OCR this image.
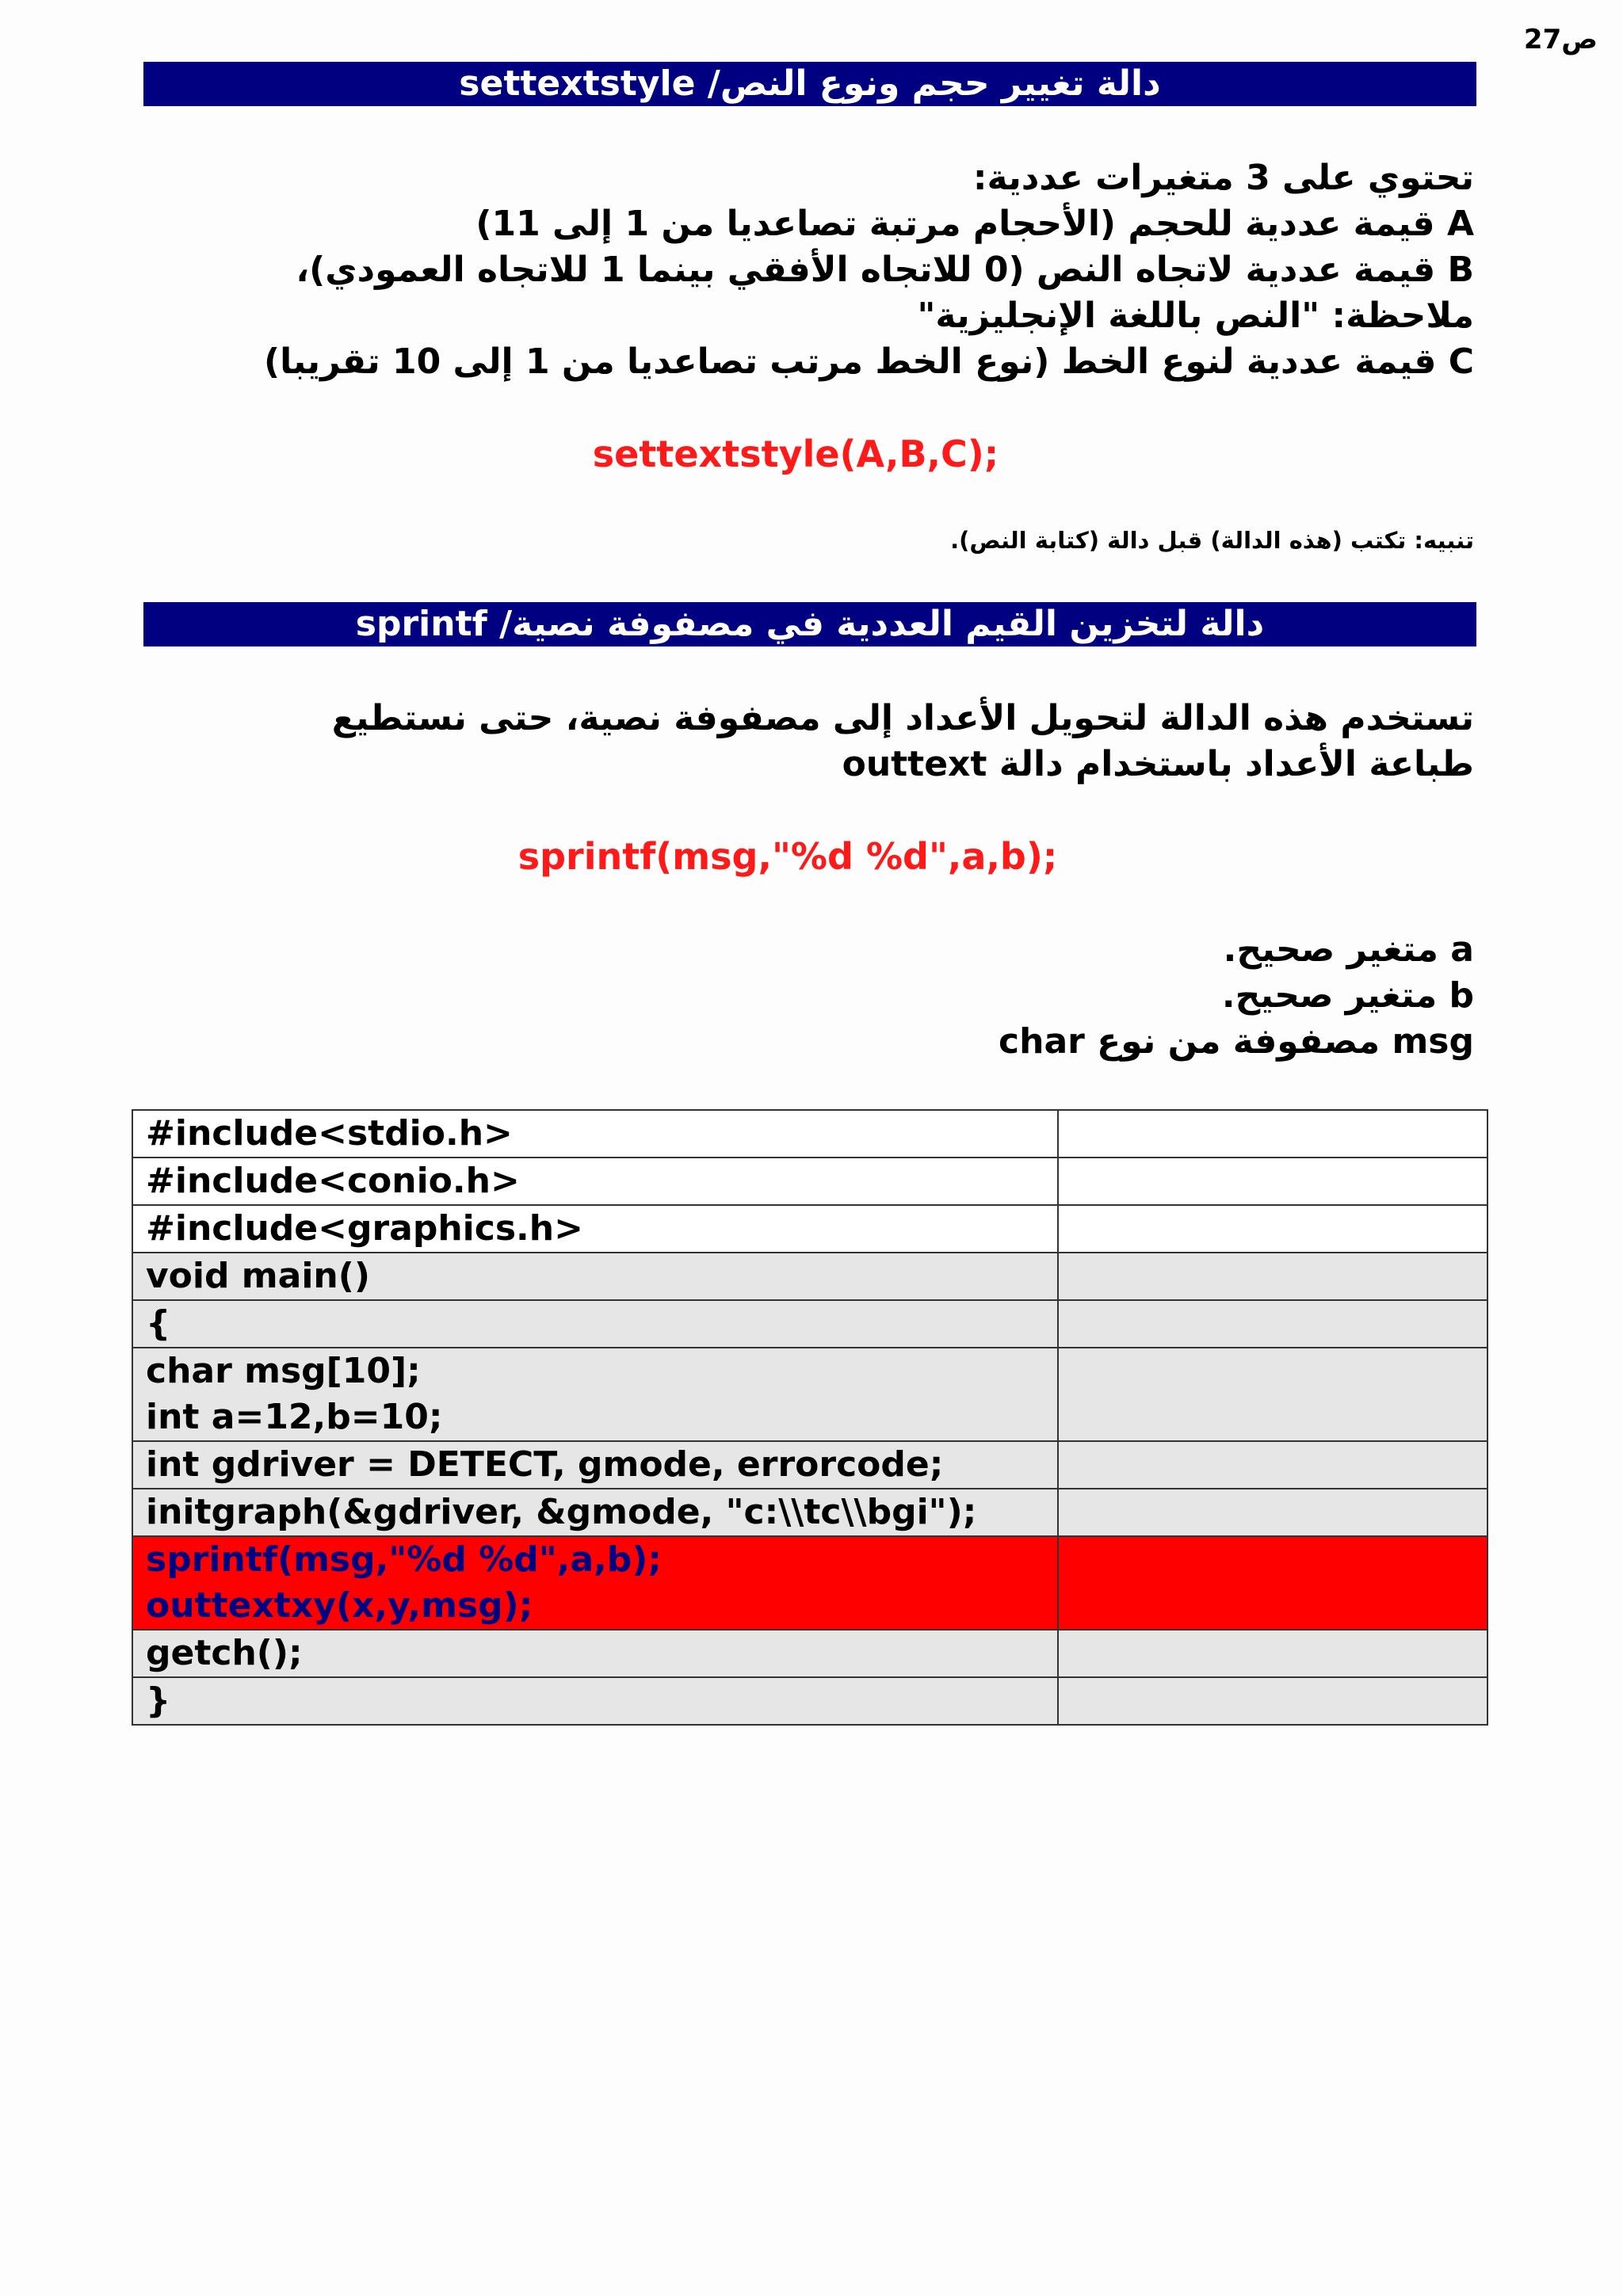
ص27
دالة تغيير حجم ونوع النص/ settextstyle
تحتوي على 3 متغيرات عددية:
A قيمة عددية للحجم (الأحجام مرتبة تصاعديا من 1 إلى 11)
B قيمة عددية لاتجاه النص (0 للاتجاه الأفقي بينما 1 للاتجاه العمودي)،
ملاحظة: "النص باللغة الإنجليزية"
C قيمة عددية لنوع الخط (نوع الخط مرتب تصاعديا من 1 إلى 10 تقريبا)
settextstyle(A,B,C);
تنبيه: تكتب (هذه الدالة) قبل دالة (كتابة النص).
دالة لتخزين القيم العددية في مصفوفة نصية/ sprintf
تستخدم هذه الدالة لتحويل الأعداد إلى مصفوفة نصية، حتى نستطيع
طباعة الأعداد باستخدام دالة outtext
sprintf(msg,"%d %d",a,b);
a متغير صحيح.
b متغير صحيح.
msg مصفوفة من نوع char
#include<stdio.h>	

#include<conio.h>	

#include<graphics.h>	

void main()	

{	

char msg[10];
int a=12,b=10;	

int gdriver = DETECT, gmode, errorcode;	

initgraph(&gdriver, &gmode, "c:\\tc\\bgi");	

sprintf(msg,"%d %d",a,b);
outtextxy(x,y,msg);	

getch();	

}	
